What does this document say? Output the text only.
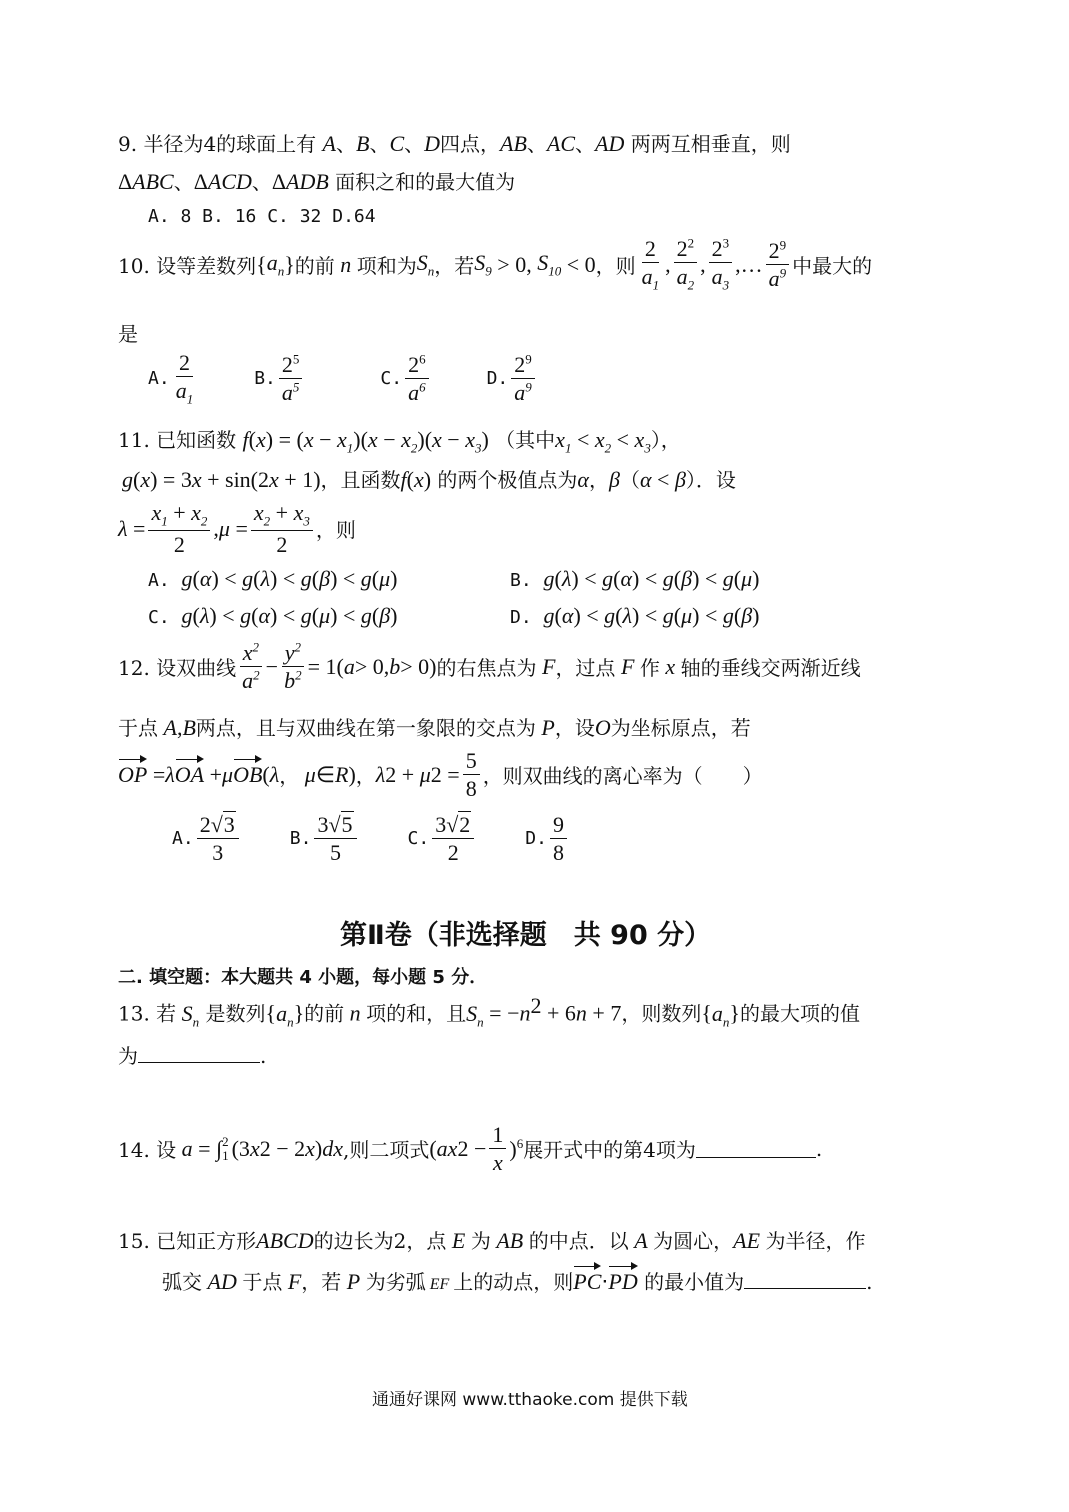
9. 半径为4的球面上有 A、B、C、D四点，AB、AC、AD 两两互相垂直，则
ΔABC、ΔACD、ΔADB 面积之和的最大值为
A. 8 B. 16 C. 32 D.64
10. 设等差数列 { $a_n$ } 的前 n 项和为 $S_n$ ，若 $S_9 > 0$, $S_{10} < 0$ ，则 $\frac{2}{a_1}$ , $\frac{2^2}{a_2}$ , $\frac{2^3}{a_3}$ ,… $\frac{2^9}{a^9}$ 中最大的
是
A. $\frac{2}{a_1}$	B. $\frac{2^5}{a^5}$	C. $\frac{2^6}{a^6}$	D. $\frac{2^9}{a^9}$
11. 已知函数 $f(x) = (x - x_1)(x - x_2)(x - x_3)$ （其中$x_1 < x_2 < x_3$），
g(x) = 3x + sin(2x + 1)，且函数f(x) 的两个极值点为α，β（α < β）．设
$\lambda = \frac{x_1 + x_2}{2}$ , $\mu = \frac{x_2 + x_3}{2}$ ，则
A.  g(α) < g(λ) < g(β) < g(μ)	B.  g(λ) < g(α) < g(β) < g(μ)
C.  g(λ) < g(α) < g(μ) < g(β)	D.  g(α) < g(λ) < g(μ) < g(β)
12. 设双曲线 $\frac{x^2}{a^2} - \frac{y^2}{b^2} = 1$( a > 0, b > 0) 的右焦点为 F ，过点 F 作 x 轴的垂线交两渐近线
于点 A,B两点，且与双曲线在第一象限的交点为 P，设O为坐标原点，若
OP = λ OA + μ OB ( λ ， μ ∈ R ) ， λ 2 + μ $2 = \frac{5}{8}$ ，则双曲线的离心率为（　　）
A. $\frac{2√3}{3}$	B. $\frac{3√5}{5}$	C. $\frac{3√2}{2}$	D. $\frac{9}{8}$
第Ⅱ卷（非选择题　共 90 分）
二. 填空题：本大题共 4 小题，每小题 5 分．
13. 若 $S_n$ 是数列$\{a_n\}$的前 n 项的和，且$S_n = -n^2 + 6n + 7$，则数列$\{a_n\}$的最大项的值
为	.
14. 设 a = ∫ 2
1 (3 x 2 − 2 x ) dx ,则二项式 ( ax $2 - \frac{1}{x} )^6$ 展开式中的第4项为	.
15. 已知正方形ABCD的边长为2，点 E 为 AB 的中点．以 A 为圆心，AE 为半径，作
弧交 AD 于点 F，若 P 为劣弧 EF 上的动点，则PC⋅PD 的最小值为	.
通通好课网 www.tthaoke.com 提供下载
